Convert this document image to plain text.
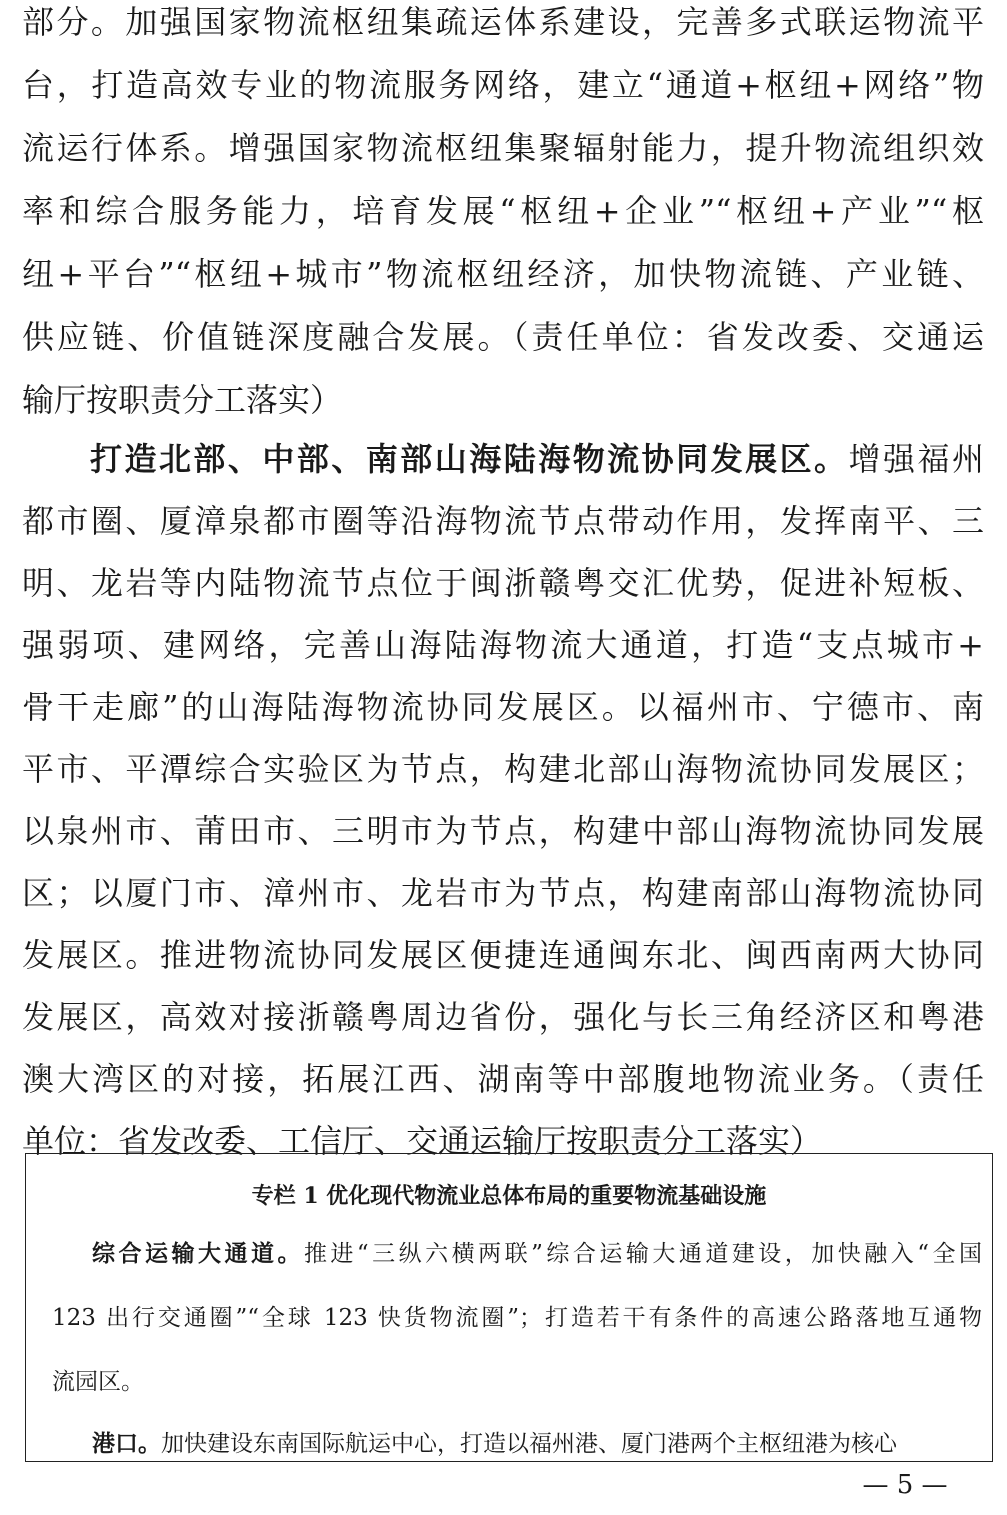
部分。加强国家物流枢纽集疏运体系建设，完善多式联运物流平
台，打造高效专业的物流服务网络，建立“通道+枢纽+网络”物
流运行体系。增强国家物流枢纽集聚辐射能力，提升物流组织效
率和综合服务能力，培育发展“枢纽+企业”“枢纽+产业”“枢
纽+平台”“枢纽+城市”物流枢纽经济，加快物流链、产业链、
供应链、价值链深度融合发展。（责任单位：省发改委、交通运
输厅按职责分工落实）
打造北部、中部、南部山海陆海物流协同发展区。增强福州
都市圈、厦漳泉都市圈等沿海物流节点带动作用，发挥南平、三
明、龙岩等内陆物流节点位于闽浙赣粤交汇优势，促进补短板、
强弱项、建网络，完善山海陆海物流大通道，打造“支点城市+
骨干走廊”的山海陆海物流协同发展区。以福州市、宁德市、南
平市、平潭综合实验区为节点，构建北部山海物流协同发展区；
以泉州市、莆田市、三明市为节点，构建中部山海物流协同发展
区；以厦门市、漳州市、龙岩市为节点，构建南部山海物流协同
发展区。推进物流协同发展区便捷连通闽东北、闽西南两大协同
发展区，高效对接浙赣粤周边省份，强化与长三角经济区和粤港
澳大湾区的对接，拓展江西、湖南等中部腹地物流业务。（责任
单位：省发改委、工信厅、交通运输厅按职责分工落实）
专栏 1 优化现代物流业总体布局的重要物流基础设施
综合运输大通道。推进“三纵六横两联”综合运输大通道建设，加快融入“全国
123 出行交通圈”“全球 123 快货物流圈”；打造若干有条件的高速公路落地互通物
流园区。
港口。加快建设东南国际航运中心，打造以福州港、厦门港两个主枢纽港为核心
— 5 —
